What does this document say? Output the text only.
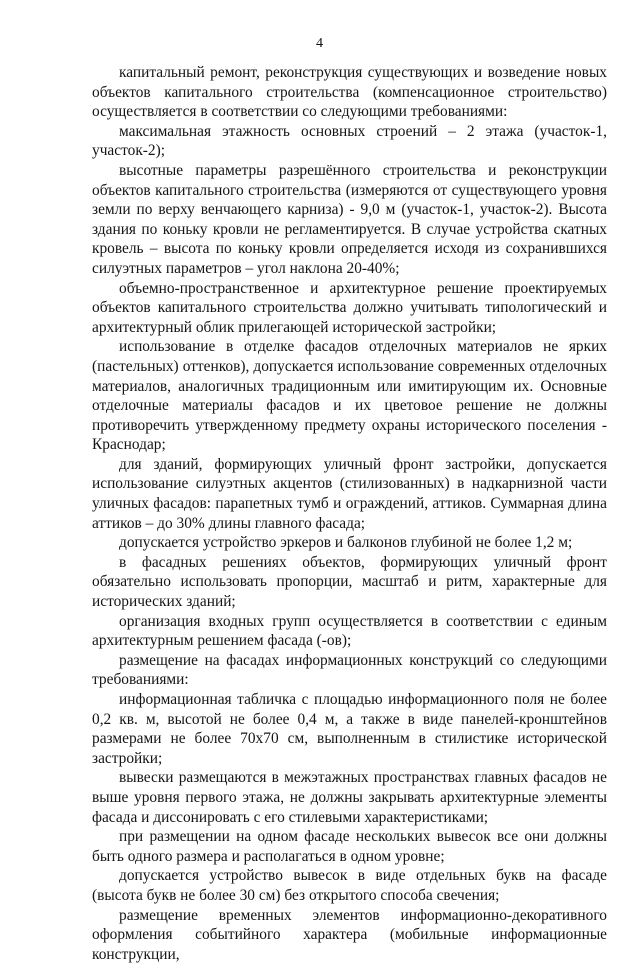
4

капитальный ремонт, реконструкция существующих и возведение новых объектов капитального строительства (компенсационное строительство) осуществляется в соответствии со следующими требованиями:

максимальная этажность основных строений – 2 этажа (участок-1, участок-2);

высотные параметры разрешённого строительства и реконструкции объектов капитального строительства (измеряются от существующего уровня земли по верху венчающего карниза) - 9,0 м (участок-1, участок-2). Высота здания по коньку кровли не регламентируется. В случае устройства скатных кровель – высота по коньку кровли определяется исходя из сохранившихся силуэтных параметров – угол наклона 20-40%;

объемно-пространственное и архитектурное решение проектируемых объектов капитального строительства должно учитывать типологический и архитектурный облик прилегающей исторической застройки;

использование в отделке фасадов отделочных материалов не ярких (пастельных) оттенков), допускается использование современных отделочных материалов, аналогичных традиционным или имитирующим их. Основные отделочные материалы фасадов и их цветовое решение не должны противоречить утвержденному предмету охраны исторического поселения - Краснодар;

для зданий, формирующих уличный фронт застройки, допускается использование силуэтных акцентов (стилизованных) в надкарнизной части уличных фасадов: парапетных тумб и ограждений, аттиков. Суммарная длина аттиков – до 30% длины главного фасада;

допускается устройство эркеров и балконов глубиной не более 1,2 м;

в фасадных решениях объектов, формирующих уличный фронт обязательно использовать пропорции, масштаб и ритм, характерные для исторических зданий;

организация входных групп осуществляется в соответствии с единым архитектурным решением фасада (-ов);

размещение на фасадах информационных конструкций со следующими требованиями:

информационная табличка с площадью информационного поля не более 0,2 кв. м, высотой не более 0,4 м, а также в виде панелей-кронштейнов размерами не более 70х70 см, выполненным в стилистике исторической застройки;

вывески размещаются в межэтажных пространствах главных фасадов не выше уровня первого этажа, не должны закрывать архитектурные элементы фасада и диссонировать с его стилевыми характеристиками;

при размещении на одном фасаде нескольких вывесок все они должны быть одного размера и располагаться в одном уровне;

допускается устройство вывесок в виде отдельных букв на фасаде (высота букв не более 30 см) без открытого способа свечения;

размещение временных элементов информационно-декоративного оформления событийного характера (мобильные информационные конструкции,
